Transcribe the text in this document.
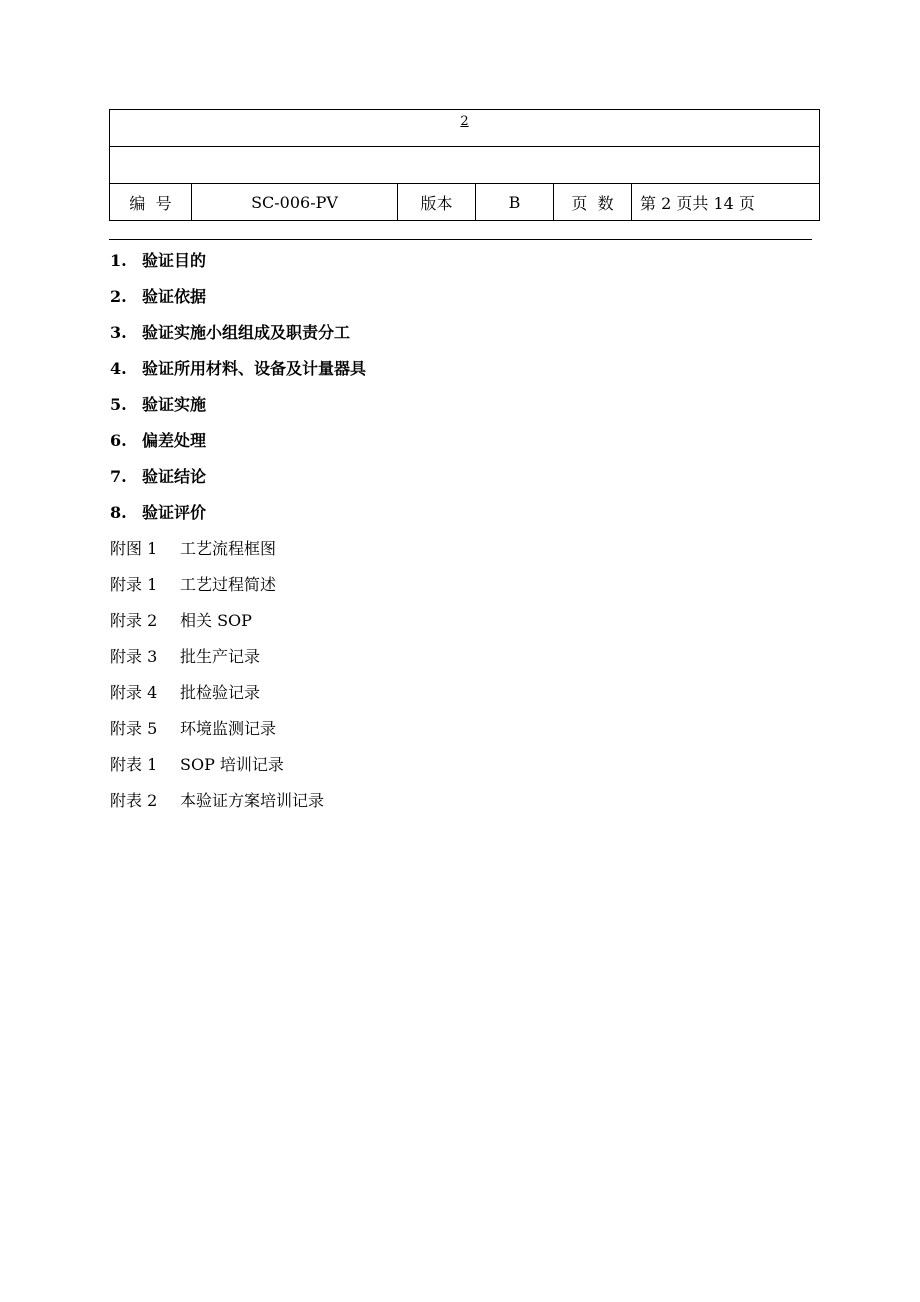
2

编  号	SC-006-PV	版本	B	页  数	第 2 页共 14 页
1. 验证目的
2. 验证依据
3. 验证实施小组组成及职责分工
4. 验证所用材料、设备及计量器具
5. 验证实施
6. 偏差处理
7. 验证结论
8. 验证评价
附图 1 工艺流程框图
附录 1 工艺过程简述
附录 2 相关 SOP
附录 3 批生产记录
附录 4 批检验记录
附录 5 环境监测记录
附表 1 SOP 培训记录
附表 2 本验证方案培训记录
